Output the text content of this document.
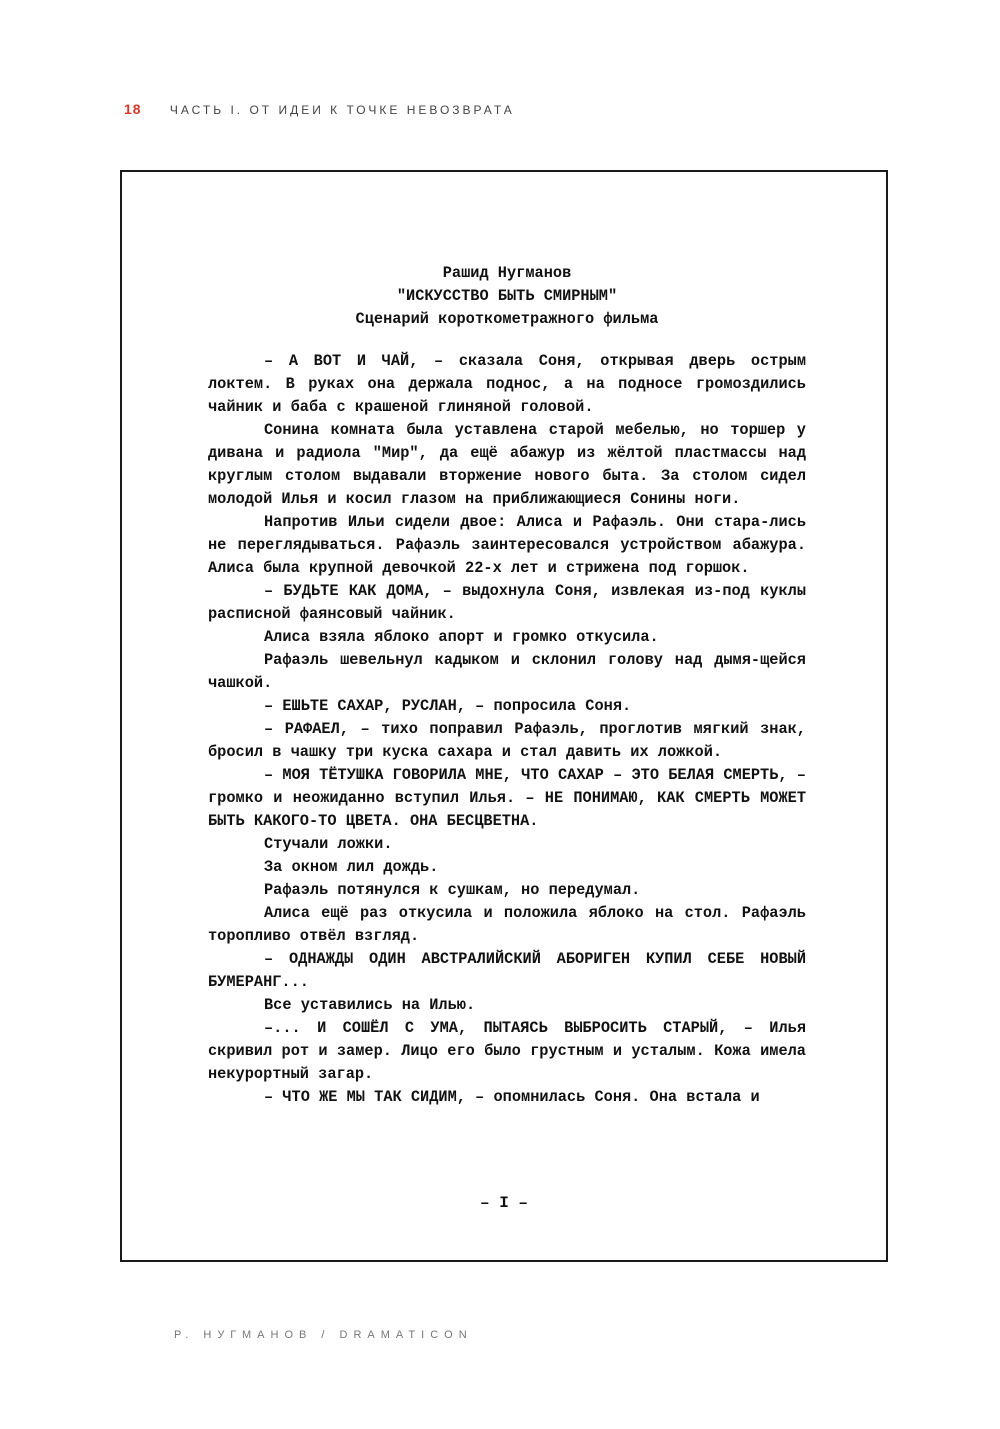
18 ЧАСТЬ I. ОТ ИДЕИ К ТОЧКЕ НЕВОЗВРАТА
Рашид Нугманов
"ИСКУССТВО БЫТЬ СМИРНЫМ"
Сценарий короткометражного фильма

– А ВОТ И ЧАЙ, – сказала Соня, открывая дверь острым локтем. В руках она держала поднос, а на подносе громоздились чайник и баба с крашеной глиняной головой.

Сонина комната была уставлена старой мебелью, но торшер у дивана и радиола "Мир", да ещё абажур из жёлтой пластмассы над круглым столом выдавали вторжение нового быта. За столом сидел молодой Илья и косил глазом на приближающиеся Сонины ноги.

Напротив Ильи сидели двое: Алиса и Рафаэль. Они стара-лись не переглядываться. Рафаэль заинтересовался устройством абажура. Алиса была крупной девочкой 22-х лет и стрижена под горшок.

– БУДЬТЕ КАК ДОМА, – выдохнула Соня, извлекая из-под куклы расписной фаянсовый чайник.

Алиса взяла яблоко апорт и громко откусила.

Рафаэль шевельнул кадыком и склонил голову над дымя-щейся чашкой.

– ЕШЬТЕ САХАР, РУСЛАН, – попросила Соня.

– РАФАЕЛ, – тихо поправил Рафаэль, проглотив мягкий знак, бросил в чашку три куска сахара и стал давить их ложкой.

– МОЯ ТЁТУШКА ГОВОРИЛА МНЕ, ЧТО САХАР – ЭТО БЕЛАЯ СМЕРТЬ, – громко и неожиданно вступил Илья. – НЕ ПОНИМАЮ, КАК СМЕРТЬ МОЖЕТ БЫТЬ КАКОГО-ТО ЦВЕТА. ОНА БЕСЦВЕТНА.

Стучали ложки.

За окном лил дождь.

Рафаэль потянулся к сушкам, но передумал.

Алиса ещё раз откусила и положила яблоко на стол. Рафаэль торопливо отвёл взгляд.

– ОДНАЖДЫ ОДИН АВСТРАЛИЙСКИЙ АБОРИГЕН КУПИЛ СЕБЕ НОВЫЙ БУМЕРАНГ...

Все уставились на Илью.

–... И СОШЁЛ С УМА, ПЫТАЯСЬ ВЫБРОСИТЬ СТАРЫЙ, – Илья скривил рот и замер. Лицо его было грустным и усталым. Кожа имела некурортный загар.

– ЧТО ЖЕ МЫ ТАК СИДИМ, – опомнилась Соня. Она встала и

– I –
Р. НУГМАНОВ / DRAMATICON
